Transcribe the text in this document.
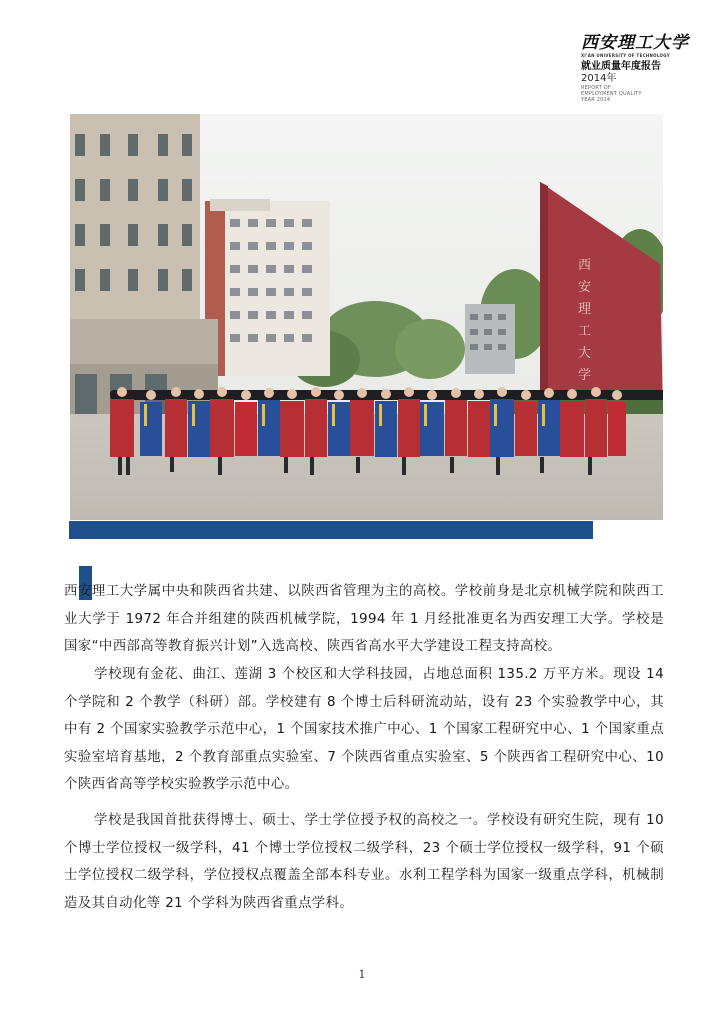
西安理工大学
XI'AN UNIVERSITY OF TECHNOLOGY
就业质量年度报告
2014年
REPORT OF
EMPLOYMENT QUALITY
YEAR 2014
西安理工大学

西安理工大学属中央和陕西省共建、以陕西省管理为主的高校。学校前身是北京机械学院和陕西工业大学于 1972 年合并组建的陕西机械学院，1994 年 1 月经批准更名为西安理工大学。学校是国家“中西部高等教育振兴计划”入选高校、陕西省高水平大学建设工程支持高校。

学校现有金花、曲江、莲湖 3 个校区和大学科技园，占地总面积 135.2 万平方米。现设 14 个学院和 2 个教学（科研）部。学校建有 8 个博士后科研流动站，设有 23 个实验教学中心，其中有 2 个国家实验教学示范中心，1 个国家技术推广中心、1 个国家工程研究中心、1 个国家重点实验室培育基地，2 个教育部重点实验室、7 个陕西省重点实验室、5 个陕西省工程研究中心、10 个陕西省高等学校实验教学示范中心。

学校是我国首批获得博士、硕士、学士学位授予权的高校之一。学校设有研究生院，现有 10 个博士学位授权一级学科，41 个博士学位授权二级学科，23 个硕士学位授权一级学科，91 个硕士学位授权二级学科，学位授权点覆盖全部本科专业。水利工程学科为国家一级重点学科，机械制造及其自动化等 21 个学科为陕西省重点学科。

1
